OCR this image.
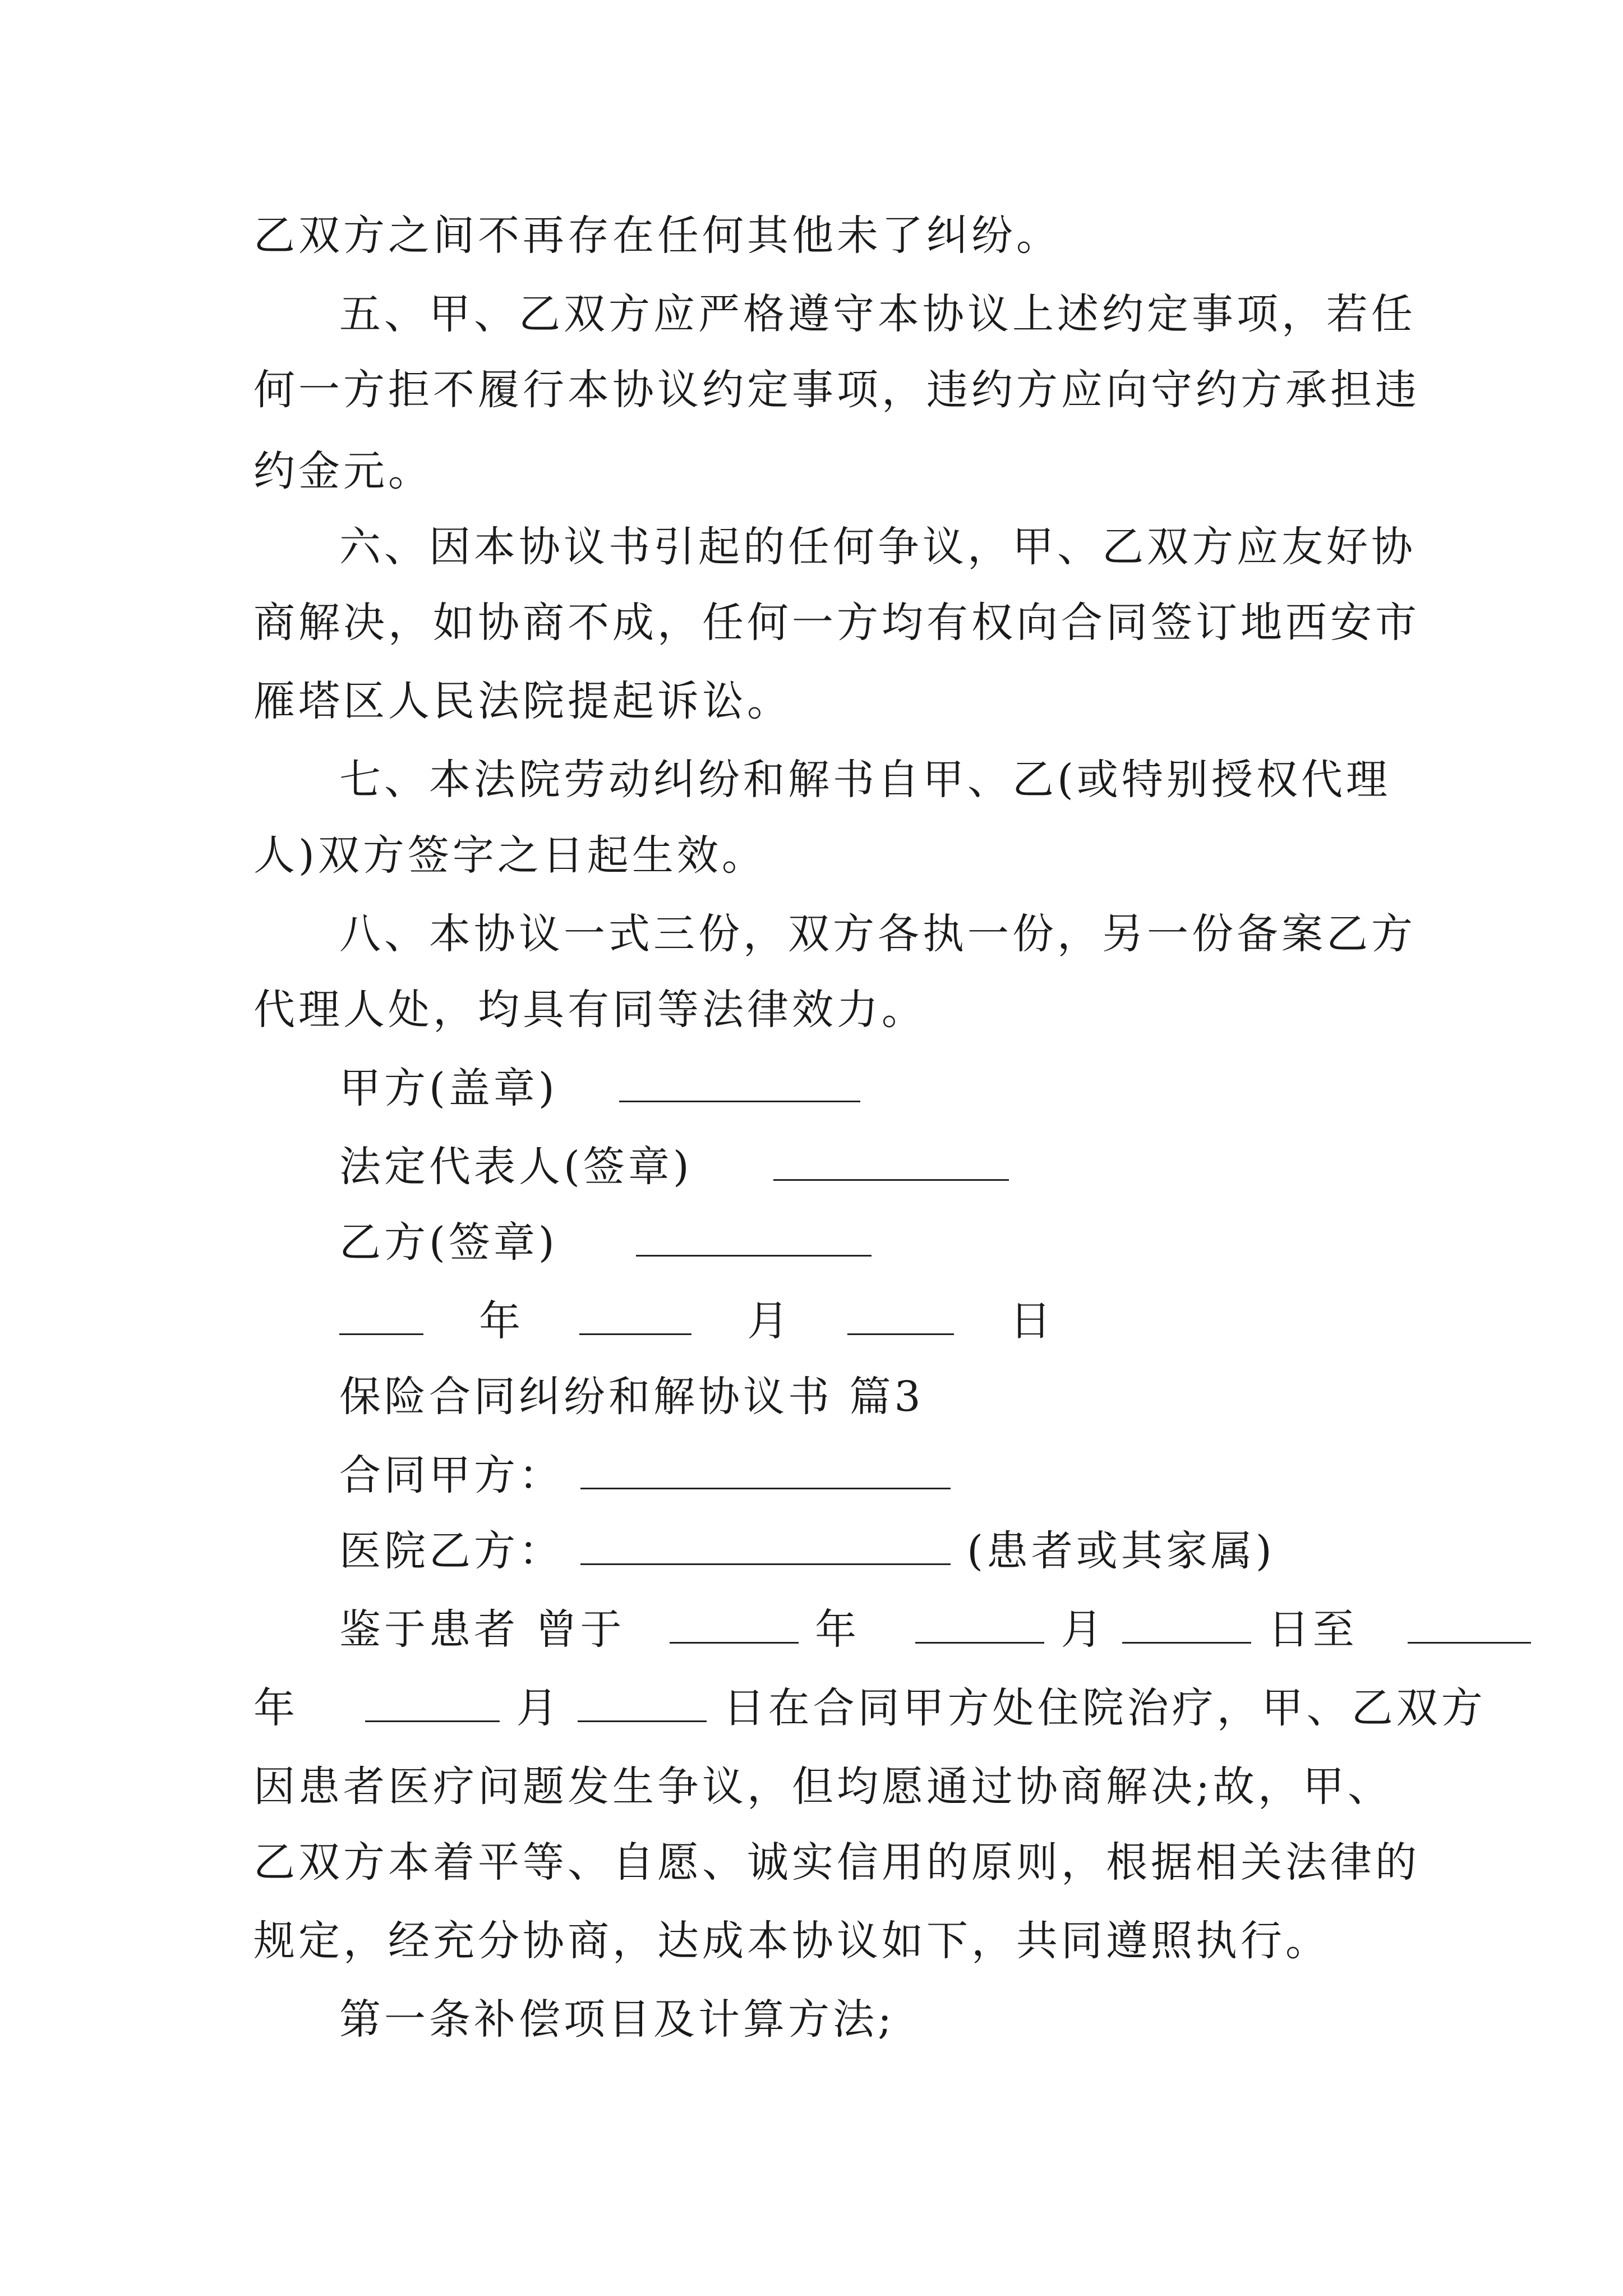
乙双方之间不再存在任何其他未了纠纷。
五、甲、乙双方应严格遵守本协议上述约定事项，若任
何一方拒不履行本协议约定事项，违约方应向守约方承担违
约金元。
六、因本协议书引起的任何争议，甲、乙双方应友好协
商解决，如协商不成，任何一方均有权向合同签订地西安市
雁塔区人民法院提起诉讼。
七、本法院劳动纠纷和解书自甲、乙(或特别授权代理
人)双方签字之日起生效。
八、本协议一式三份，双方各执一份，另一份备案乙方
代理人处，均具有同等法律效力。
甲方(盖章)
法定代表人(签章)
乙方(签章)
年	月	日
保险合同纠纷和解协议书 篇3
合同甲方：
医院乙方：	(患者或其家属)
鉴于患者 曾于	年	月	日至
年	月	日在合同甲方处住院治疗，甲、乙双方
因患者医疗问题发生争议，但均愿通过协商解决;故，甲、
乙双方本着平等、自愿、诚实信用的原则，根据相关法律的
规定，经充分协商，达成本协议如下，共同遵照执行。
第一条补偿项目及计算方法;
